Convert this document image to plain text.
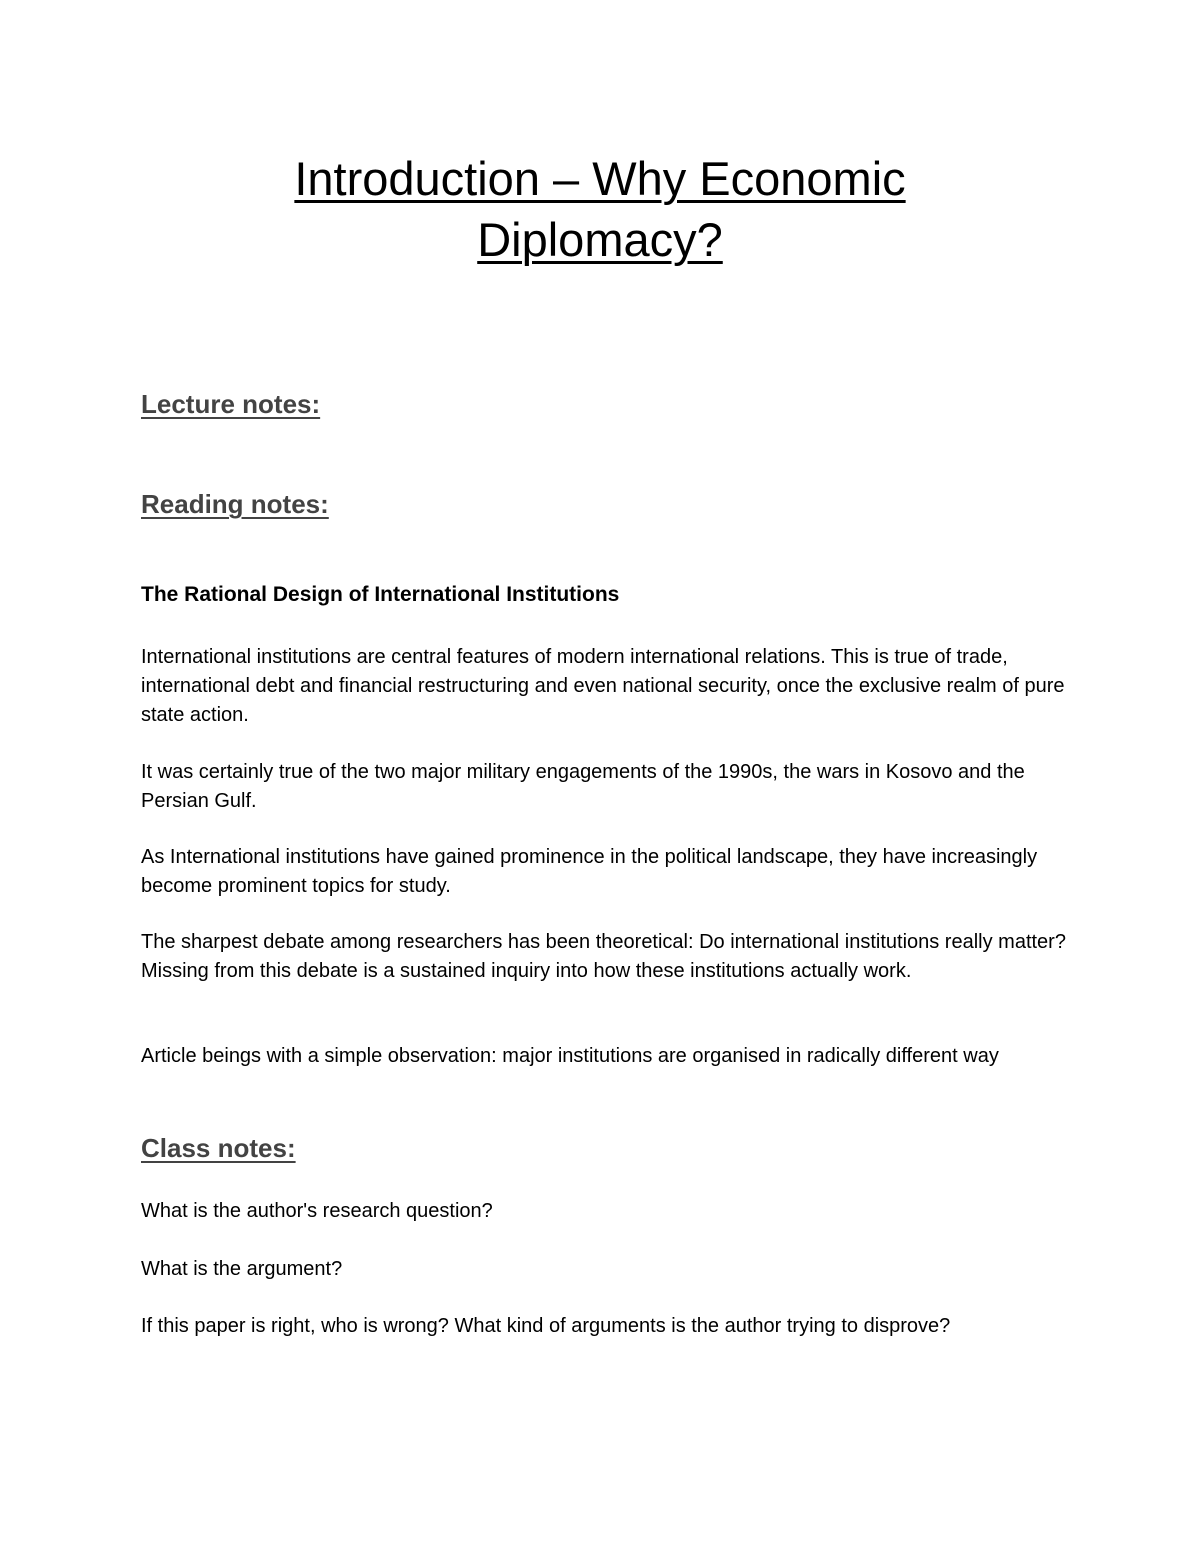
Introduction – Why Economic
Diplomacy?
Lecture notes:
Reading notes:
The Rational Design of International Institutions

International institutions are central features of modern international relations. This is true of trade, international debt and financial restructuring and even national security, once the exclusive realm of pure state action.

It was certainly true of the two major military engagements of the 1990s, the wars in Kosovo and the Persian Gulf.

As International institutions have gained prominence in the political landscape, they have increasingly become prominent topics for study.

The sharpest debate among researchers has been theoretical: Do international institutions really matter? Missing from this debate is a sustained inquiry into how these institutions actually work.

Article beings with a simple observation: major institutions are organised in radically different way

Class notes:
What is the author's research question?
What is the argument?
If this paper is right, who is wrong? What kind of arguments is the author trying to disprove?
